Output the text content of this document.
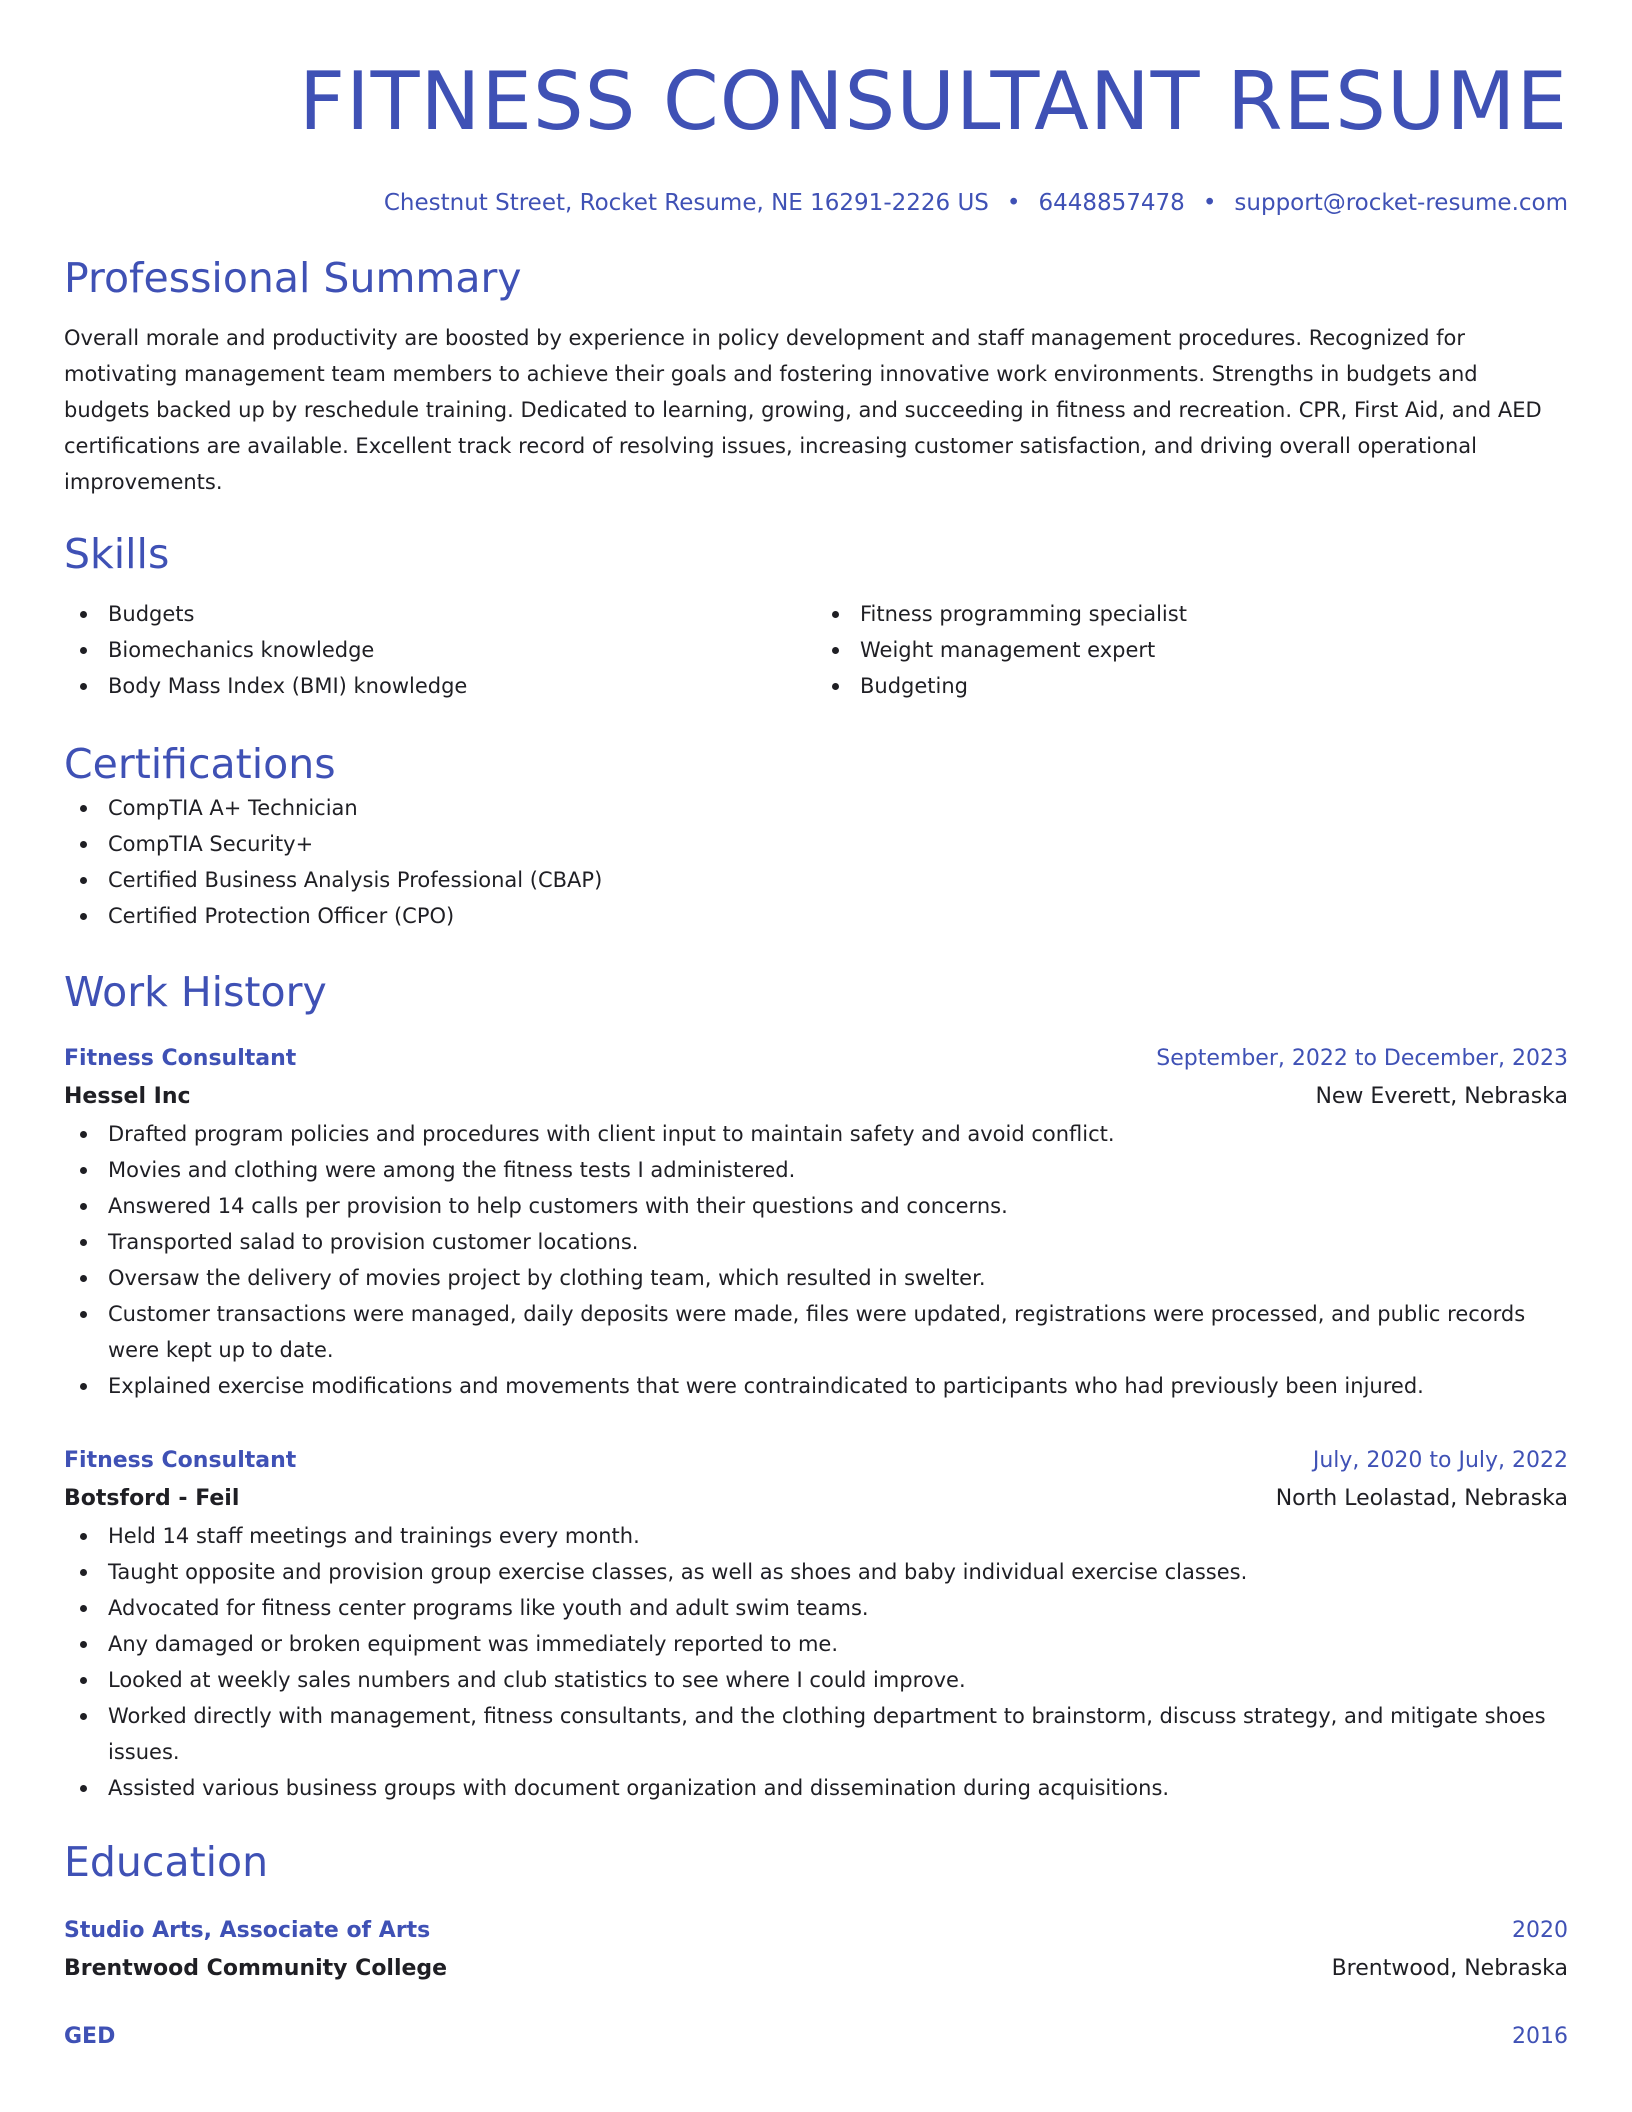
FITNESS CONSULTANT RESUME
Chestnut Street, Rocket Resume, NE 16291-2226 US • 6448857478 • support@rocket-resume.com
Professional Summary
Overall morale and productivity are boosted by experience in policy development and staff management procedures. Recognized for motivating management team members to achieve their goals and fostering innovative work environments. Strengths in budgets and budgets backed up by reschedule training. Dedicated to learning, growing, and succeeding in fitness and recreation. CPR, First Aid, and AED certifications are available. Excellent track record of resolving issues, increasing customer satisfaction, and driving overall operational improvements.
Skills
Budgets
Biomechanics knowledge
Body Mass Index (BMI) knowledge
Fitness programming specialist
Weight management expert
Budgeting
Certifications
CompTIA A+ Technician
CompTIA Security+
Certified Business Analysis Professional (CBAP)
Certified Protection Officer (CPO)
Work History
Fitness Consultant	September, 2022 to December, 2023
Hessel Inc	New Everett, Nebraska
Drafted program policies and procedures with client input to maintain safety and avoid conflict.
Movies and clothing were among the fitness tests I administered.
Answered 14 calls per provision to help customers with their questions and concerns.
Transported salad to provision customer locations.
Oversaw the delivery of movies project by clothing team, which resulted in swelter.
Customer transactions were managed, daily deposits were made, files were updated, registrations were processed, and public records were kept up to date.
Explained exercise modifications and movements that were contraindicated to participants who had previously been injured.
Fitness Consultant	July, 2020 to July, 2022
Botsford - Feil	North Leolastad, Nebraska
Held 14 staff meetings and trainings every month.
Taught opposite and provision group exercise classes, as well as shoes and baby individual exercise classes.
Advocated for fitness center programs like youth and adult swim teams.
Any damaged or broken equipment was immediately reported to me.
Looked at weekly sales numbers and club statistics to see where I could improve.
Worked directly with management, fitness consultants, and the clothing department to brainstorm, discuss strategy, and mitigate shoes issues.
Assisted various business groups with document organization and dissemination during acquisitions.
Education
Studio Arts, Associate of Arts	2020
Brentwood Community College	Brentwood, Nebraska
GED	2016
